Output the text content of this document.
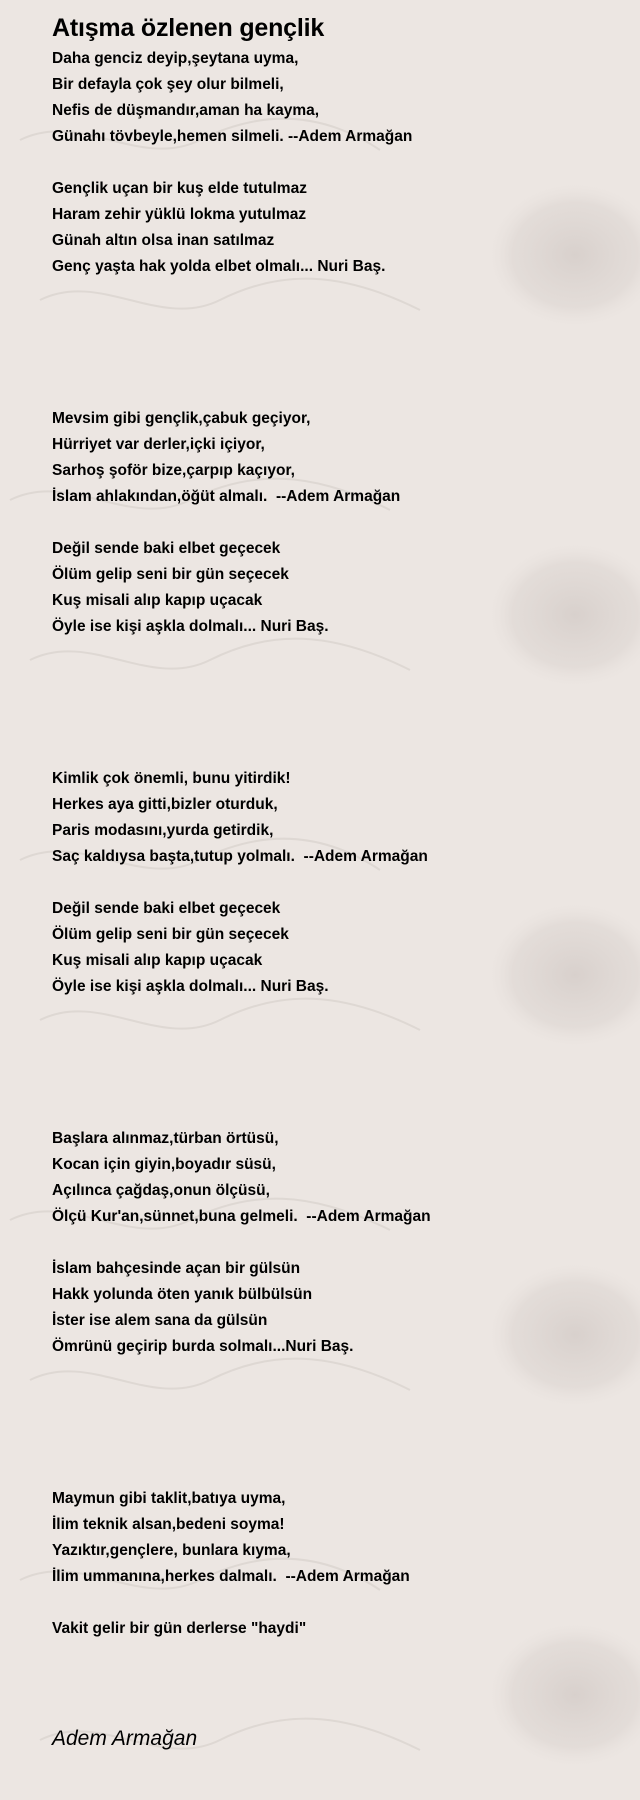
Atışma özlenen gençlik
Daha genciz deyip,şeytana uyma,
Bir defayla çok şey olur bilmeli,
Nefis de düşmandır,aman ha kayma,
Günahı tövbeyle,hemen silmeli. --Adem Armağan
Gençlik uçan bir kuş elde tutulmaz
Haram zehir yüklü lokma yutulmaz
Günah altın olsa inan satılmaz
Genç yaşta hak yolda elbet olmalı... Nuri Baş.
Mevsim gibi gençlik,çabuk geçiyor,
Hürriyet var derler,içki içiyor,
Sarhoş şoför bize,çarpıp kaçıyor,
İslam ahlakından,öğüt almalı.  --Adem Armağan
Değil sende baki elbet geçecek
Ölüm gelip seni bir gün seçecek
Kuş misali alıp kapıp uçacak
Öyle ise kişi aşkla dolmalı... Nuri Baş.
Kimlik çok önemli, bunu yitirdik!
Herkes aya gitti,bizler oturduk,
Paris modasını,yurda getirdik,
Saç kaldıysa başta,tutup yolmalı.  --Adem Armağan
Değil sende baki elbet geçecek
Ölüm gelip seni bir gün seçecek
Kuş misali alıp kapıp uçacak
Öyle ise kişi aşkla dolmalı... Nuri Baş.
Başlara alınmaz,türban örtüsü,
Kocan için giyin,boyadır süsü,
Açılınca çağdaş,onun ölçüsü,
Ölçü Kur'an,sünnet,buna gelmeli.  --Adem Armağan
İslam bahçesinde açan bir gülsün
Hakk yolunda öten yanık bülbülsün
İster ise alem sana da gülsün
Ömrünü geçirip burda solmalı...Nuri Baş.
Maymun gibi taklit,batıya uyma,
İlim teknik alsan,bedeni soyma!
Yazıktır,gençlere, bunlara kıyma,
İlim ummanına,herkes dalmalı.  --Adem Armağan
Vakit gelir bir gün derlerse "haydi"
Adem Armağan
